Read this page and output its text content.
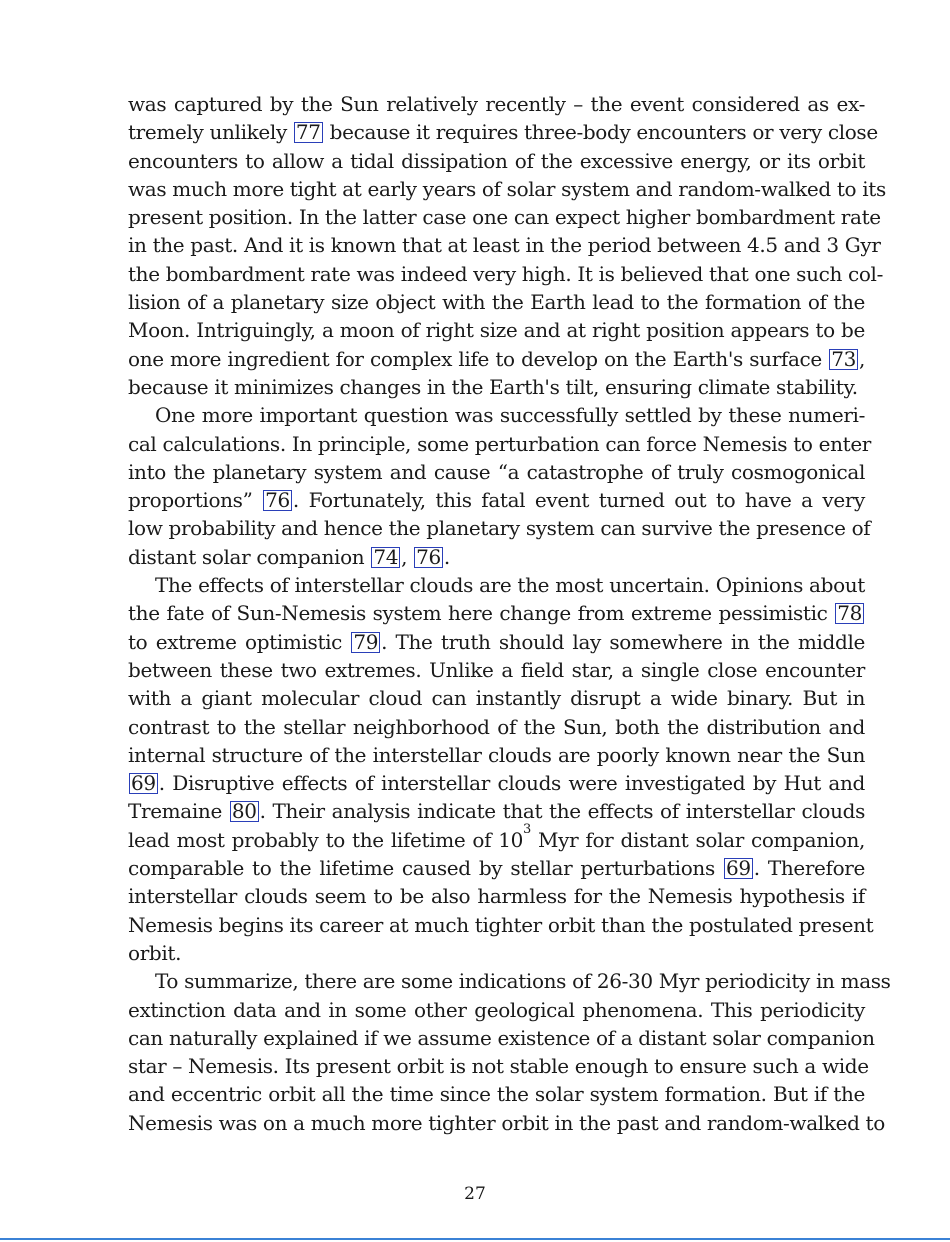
was captured by the Sun relatively recently – the event considered as ex-
tremely unlikely 77 because it requires three-body encounters or very close
encounters to allow a tidal dissipation of the excessive energy, or its orbit
was much more tight at early years of solar system and random-walked to its
present position. In the latter case one can expect higher bombardment rate
in the past. And it is known that at least in the period between 4.5 and 3 Gyr
the bombardment rate was indeed very high. It is believed that one such col-
lision of a planetary size object with the Earth lead to the formation of the
Moon. Intriguingly, a moon of right size and at right position appears to be
one more ingredient for complex life to develop on the Earth's surface 73 ,
because it minimizes changes in the Earth's tilt, ensuring climate stability.
One more important question was successfully settled by these numeri-
cal calculations. In principle, some perturbation can force Nemesis to enter
into the planetary system and cause “a catastrophe of truly cosmogonical
proportions” 76 . Fortunately, this fatal event turned out to have a very
low probability and hence the planetary system can survive the presence of
distant solar companion 74 , 76 .
The effects of interstellar clouds are the most uncertain. Opinions about
the fate of Sun-Nemesis system here change from extreme pessimistic 78
to extreme optimistic 79 . The truth should lay somewhere in the middle
between these two extremes. Unlike a field star, a single close encounter
with a giant molecular cloud can instantly disrupt a wide binary. But in
contrast to the stellar neighborhood of the Sun, both the distribution and
internal structure of the interstellar clouds are poorly known near the Sun
69 . Disruptive effects of interstellar clouds were investigated by Hut and
Tremaine 80 . Their analysis indicate that the effects of interstellar clouds
lead most probably to the lifetime of $10^3$ Myr for distant solar companion,
comparable to the lifetime caused by stellar perturbations 69 . Therefore
interstellar clouds seem to be also harmless for the Nemesis hypothesis if
Nemesis begins its career at much tighter orbit than the postulated present
orbit.
To summarize, there are some indications of 26-30 Myr periodicity in mass
extinction data and in some other geological phenomena. This periodicity
can naturally explained if we assume existence of a distant solar companion
star – Nemesis. Its present orbit is not stable enough to ensure such a wide
and eccentric orbit all the time since the solar system formation. But if the
Nemesis was on a much more tighter orbit in the past and random-walked to
27
